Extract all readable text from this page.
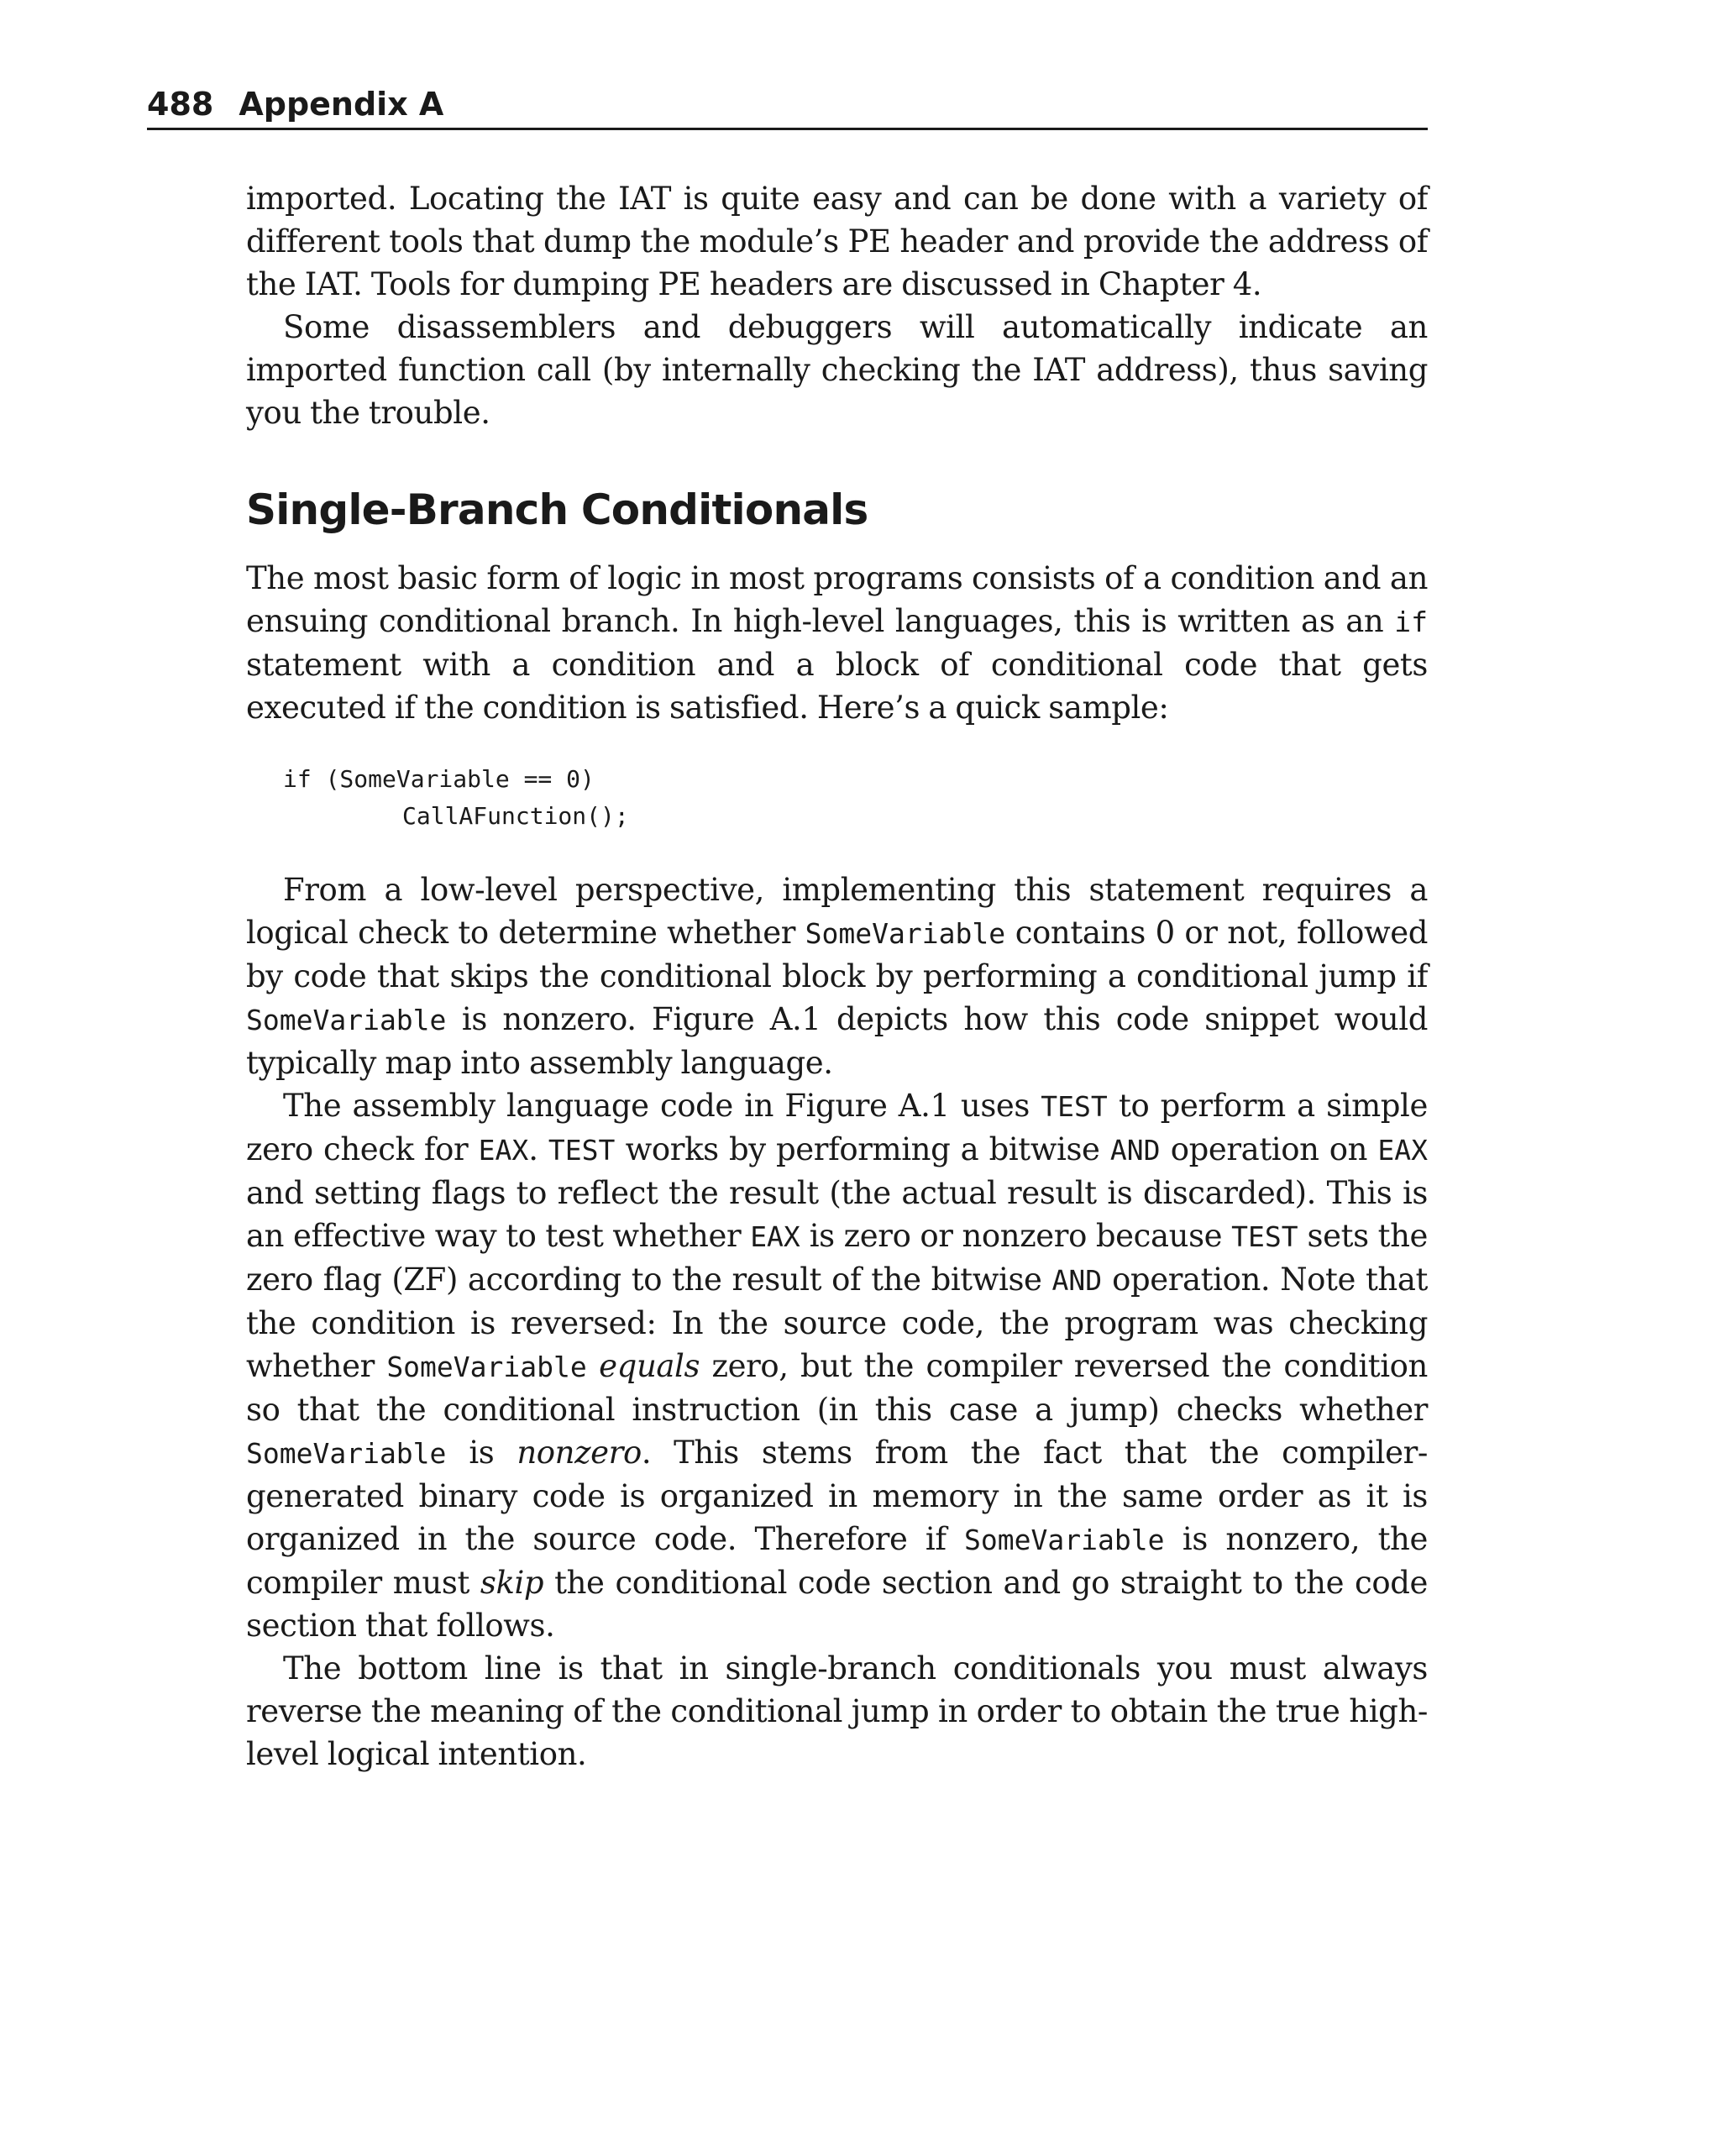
488 Appendix A

imported. Locating the IAT is quite easy and can be done with a variety of different tools that dump the module’s PE header and provide the address of the IAT. Tools for dumping PE headers are discussed in Chapter 4.

Some disassemblers and debuggers will automatically indicate an imported function call (by internally checking the IAT address), thus saving you the trouble.

Single-Branch Conditionals

The most basic form of logic in most programs consists of a condition and an ensuing conditional branch. In high-level languages, this is written as an if statement with a condition and a block of conditional code that gets executed if the condition is satisfied. Here’s a quick sample:

if (SomeVariable == 0)
CallAFunction();

From a low-level perspective, implementing this statement requires a logical check to determine whether SomeVariable contains 0 or not, followed by code that skips the conditional block by performing a conditional jump if SomeVariable is nonzero. Figure A.1 depicts how this code snippet would typically map into assembly language.

The assembly language code in Figure A.1 uses TEST to perform a simple zero check for EAX. TEST works by performing a bitwise AND operation on EAX and setting flags to reflect the result (the actual result is discarded). This is an effective way to test whether EAX is zero or nonzero because TEST sets the zero flag (ZF) according to the result of the bitwise AND operation. Note that the condition is reversed: In the source code, the program was checking whether SomeVariable equals zero, but the compiler reversed the condition so that the conditional instruction (in this case a jump) checks whether SomeVariable is nonzero. This stems from the fact that the compiler-generated binary code is organized in memory in the same order as it is organized in the source code. Therefore if SomeVariable is nonzero, the compiler must skip the conditional code section and go straight to the code section that follows.

The bottom line is that in single-branch conditionals you must always reverse the meaning of the conditional jump in order to obtain the true high-level logical intention.
